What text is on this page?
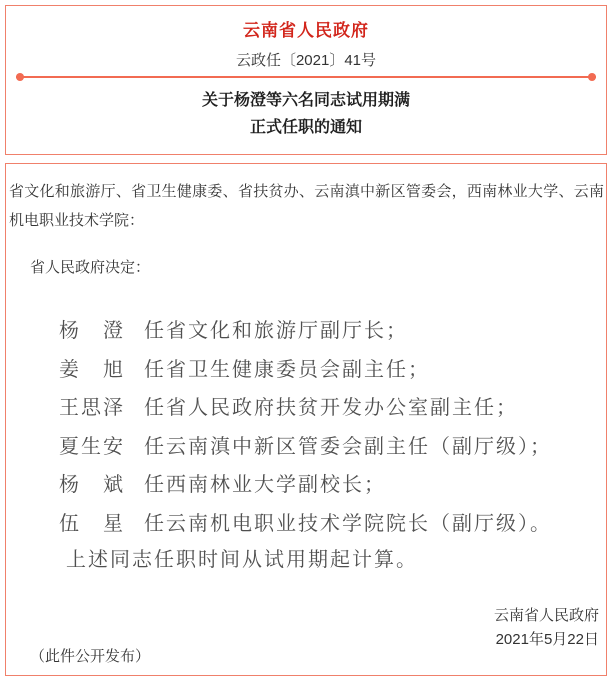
云南省人民政府
云政任〔2021〕41号
关于杨澄等六名同志试用期满
正式任职的通知

省文化和旅游厅、省卫生健康委、省扶贫办、云南滇中新区管委会，西南林业大学、云南机电职业技术学院：

省人民政府决定：

杨　澄 任省文化和旅游厅副厅长；

姜　旭 任省卫生健康委员会副主任；

王思泽 任省人民政府扶贫开发办公室副主任；

夏生安 任云南滇中新区管委会副主任（副厅级）；

杨　斌 任西南林业大学副校长；

伍　星 任云南机电职业技术学院院长（副厅级）。

上述同志任职时间从试用期起计算。

云南省人民政府
2021年5月22日

（此件公开发布）
